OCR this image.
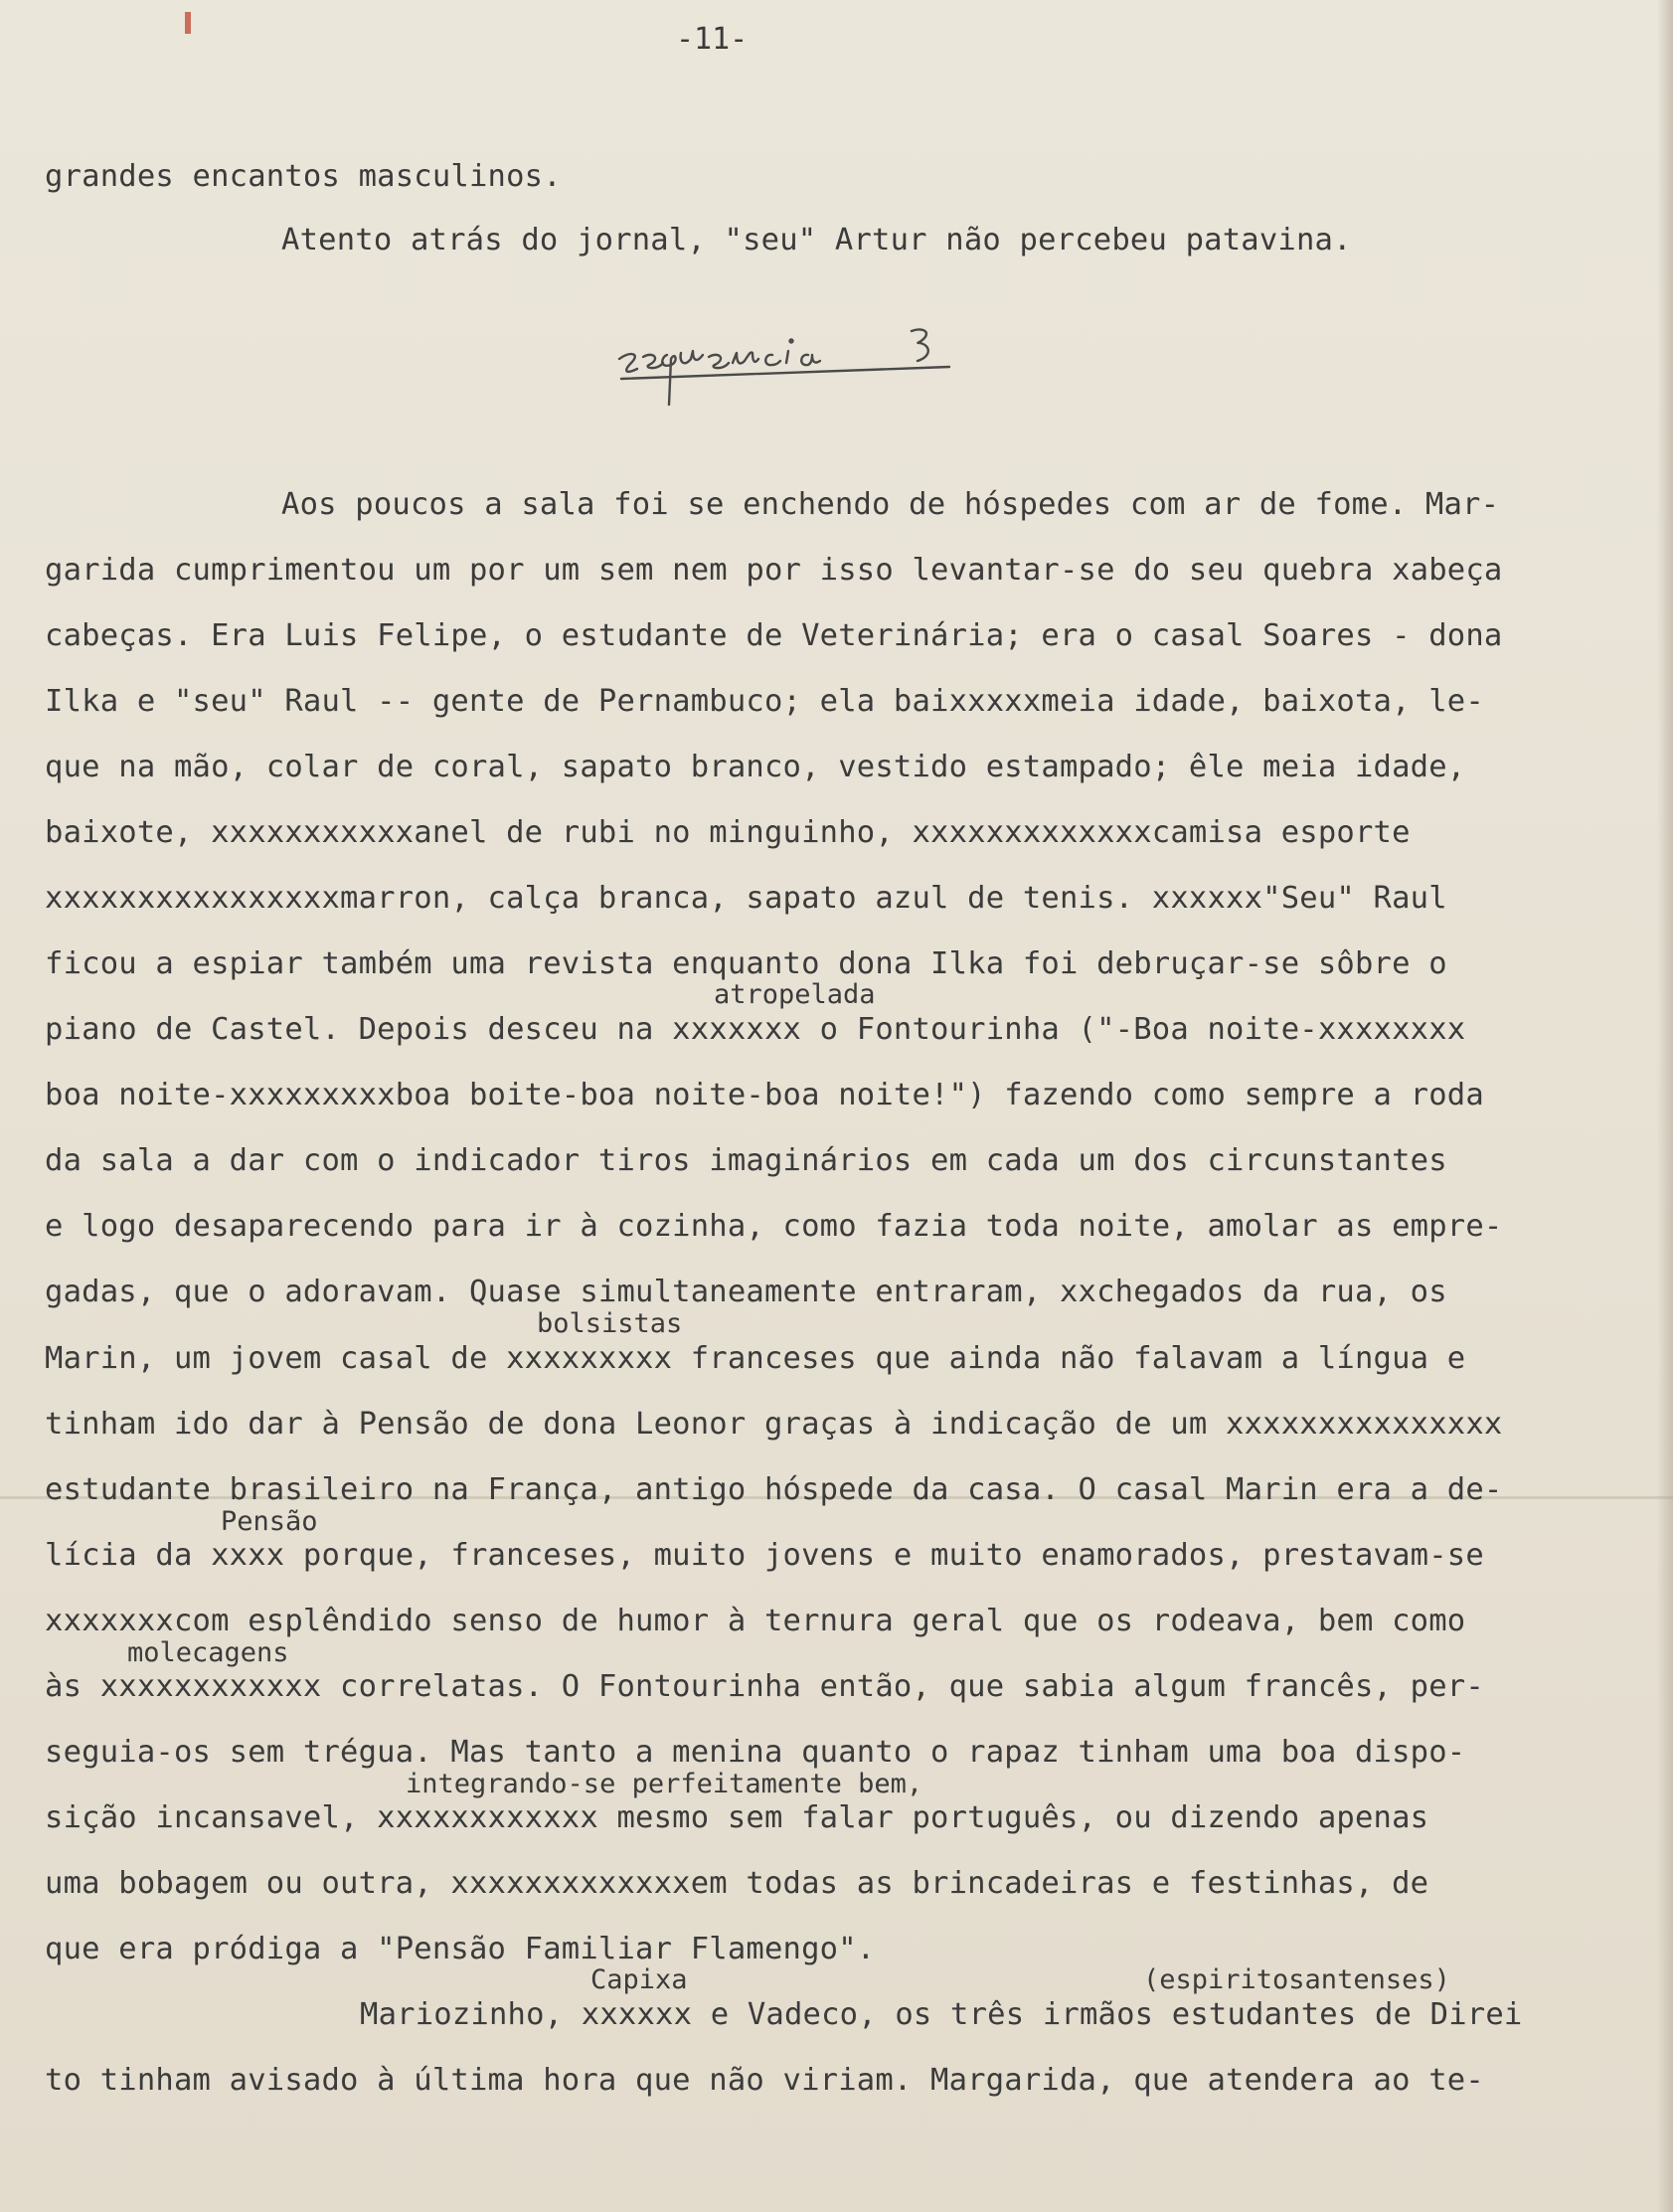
-11-
grandes encantos masculinos.
Atento atrás do jornal, "seu" Artur não percebeu patavina.
Aos poucos a sala foi se enchendo de hóspedes com ar de fome. Mar-
garida cumprimentou um por um sem nem por isso levantar-se do seu quebra xabeça
cabeças. Era Luis Felipe, o estudante de Veterinária; era o casal Soares - dona
Ilka e "seu" Raul -- gente de Pernambuco; ela baixxxxxmeia idade, baixota, le-
que na mão, colar de coral, sapato branco, vestido estampado; êle meia idade,
baixote, xxxxxxxxxxxanel de rubi no minguinho, xxxxxxxxxxxxxcamisa esporte
xxxxxxxxxxxxxxxxmarron, calça branca, sapato azul de tenis. xxxxxx"Seu" Raul
ficou a espiar também uma revista enquanto dona Ilka foi debruçar-se sôbre o
atropelada
piano de Castel. Depois desceu na xxxxxxx o Fontourinha ("-Boa noite-xxxxxxxx
boa noite-xxxxxxxxxboa boite-boa noite-boa noite!") fazendo como sempre a roda
da sala a dar com o indicador tiros imaginários em cada um dos circunstantes
e logo desaparecendo para ir à cozinha, como fazia toda noite, amolar as empre-
gadas, que o adoravam. Quase simultaneamente entraram, xxchegados da rua, os
bolsistas
Marin, um jovem casal de xxxxxxxxx franceses que ainda não falavam a língua e
tinham ido dar à Pensão de dona Leonor graças à indicação de um xxxxxxxxxxxxxxx
estudante brasileiro na França, antigo hóspede da casa. O casal Marin era a de-
Pensão
lícia da xxxx porque, franceses, muito jovens e muito enamorados, prestavam-se
xxxxxxxcom esplêndido senso de humor à ternura geral que os rodeava, bem como
molecagens
às xxxxxxxxxxxx correlatas. O Fontourinha então, que sabia algum francês, per-
seguia-os sem trégua. Mas tanto a menina quanto o rapaz tinham uma boa dispo-
integrando-se perfeitamente bem,
sição incansavel, xxxxxxxxxxxx mesmo sem falar português, ou dizendo apenas
uma bobagem ou outra, xxxxxxxxxxxxxem todas as brincadeiras e festinhas, de
que era pródiga a "Pensão Familiar Flamengo".
Capixa	(espiritosantenses)
Mariozinho, xxxxxx e Vadeco, os três irmãos estudantes de Direi
to tinham avisado à última hora que não viriam. Margarida, que atendera ao te-
